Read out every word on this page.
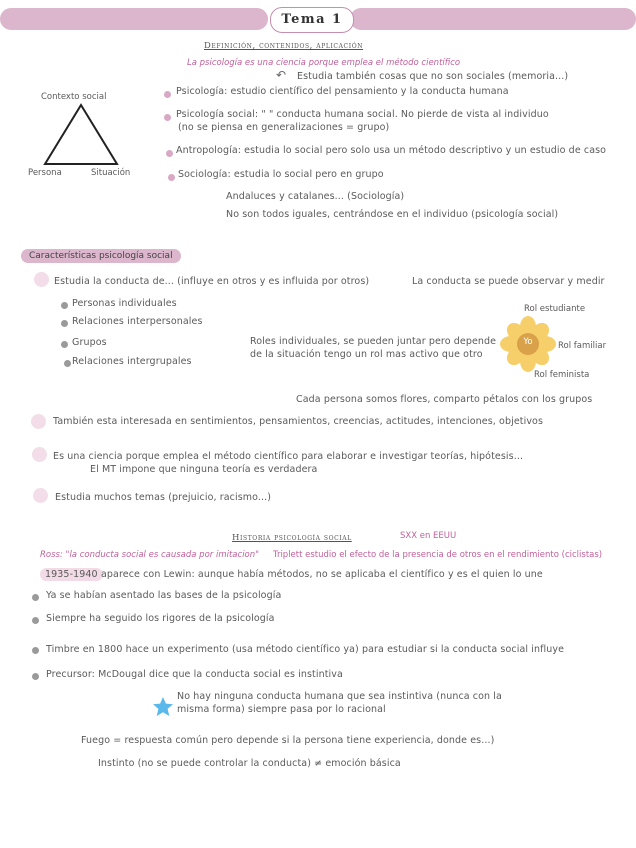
Tema 1
Definición, contenidos, aplicación
La psicología es una ciencia porque emplea el método científico
↶ Estudia también cosas que no son sociales (memoria...)
Contexto social
Persona	Situación
Psicología: estudio científico del pensamiento y la conducta humana
Psicología social: " " conducta humana social. No pierde de vista al individuo
(no se piensa en generalizaciones = grupo)
Antropología: estudia lo social pero solo usa un método descriptivo y un estudio de caso
Sociología: estudia lo social pero en grupo
Andaluces y catalanes... (Sociología)
No son todos iguales, centrándose en el individuo (psicología social)
Características psicología social
Estudia la conducta de... (influye en otros y es influida por otros)	La conducta se puede observar y medir
Personas individuales
Relaciones interpersonales
Grupos
Relaciones intergrupales
Roles individuales, se pueden juntar pero depende
de la situación tengo un rol mas activo que otro
Rol estudiante
Yo	Rol familiar
Rol feminista
Cada persona somos flores, comparto pétalos con los grupos
También esta interesada en sentimientos, pensamientos, creencias, actitudes, intenciones, objetivos
Es una ciencia porque emplea el método científico para elaborar e investigar teorías, hipótesis...
El MT impone que ninguna teoría es verdadera
Estudia muchos temas (prejuicio, racismo...)
Historia psicología social	SXX en EEUU
Ross: "la conducta social es causada por imitacion" Triplett estudio el efecto de la presencia de otros en el rendimiento (ciclistas)
1935-1940 aparece con Lewin: aunque había métodos, no se aplicaba el científico y es el quien lo une
Ya se habían asentado las bases de la psicología
Siempre ha seguido los rigores de la psicología
Timbre en 1800 hace un experimento (usa método científico ya) para estudiar si la conducta social influye
Precursor: McDougal dice que la conducta social es instintiva
No hay ninguna conducta humana que sea instintiva (nunca con la
misma forma) siempre pasa por lo racional
Fuego = respuesta común pero depende si la persona tiene experiencia, donde es...)
Instinto (no se puede controlar la conducta) ≠ emoción básica
